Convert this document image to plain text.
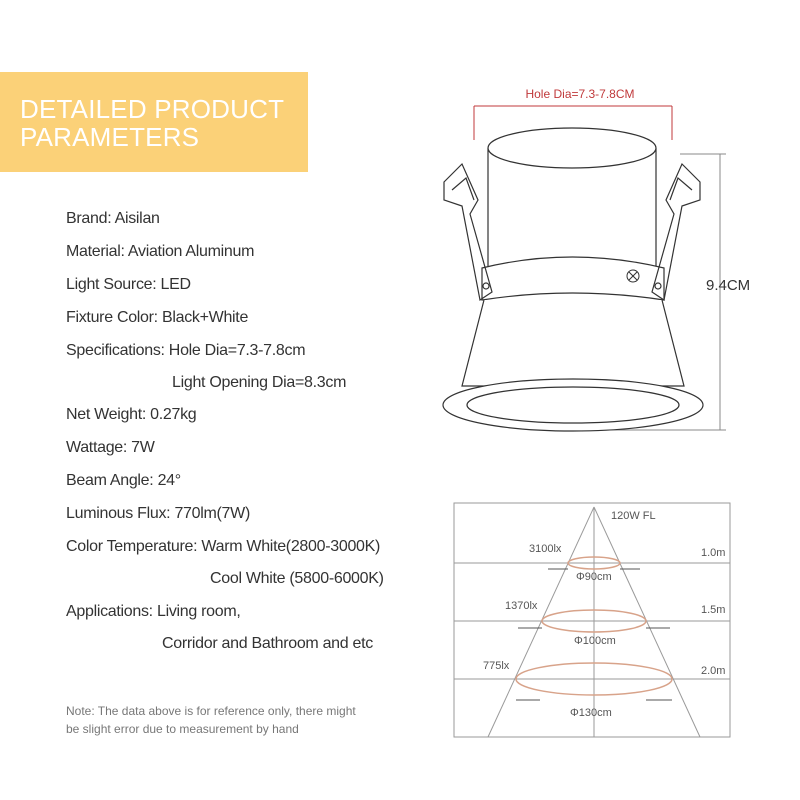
DETAILED PRODUCT
PARAMETERS
Brand: Aisilan
Material: Aviation Aluminum
Light Source: LED
Fixture Color: Black+White
Specifications: Hole Dia=7.3-7.8cm
Light Opening Dia=8.3cm
Net Weight: 0.27kg
Wattage: 7W
Beam Angle: 24°
Luminous Flux: 770lm(7W)
Color Temperature: Warm White(2800-3000K)
Cool White (5800-6000K)
Applications: Living room,
Corridor and Bathroom and etc
Note: The data above is for reference only, there might
be slight error due to measurement by hand
Hole Dia=7.3-7.8CM
9.4CM
120W FL
3100lx
Φ90cm
1.0m
1370lx
Φ100cm
1.5m
775lx
Φ130cm
2.0m
